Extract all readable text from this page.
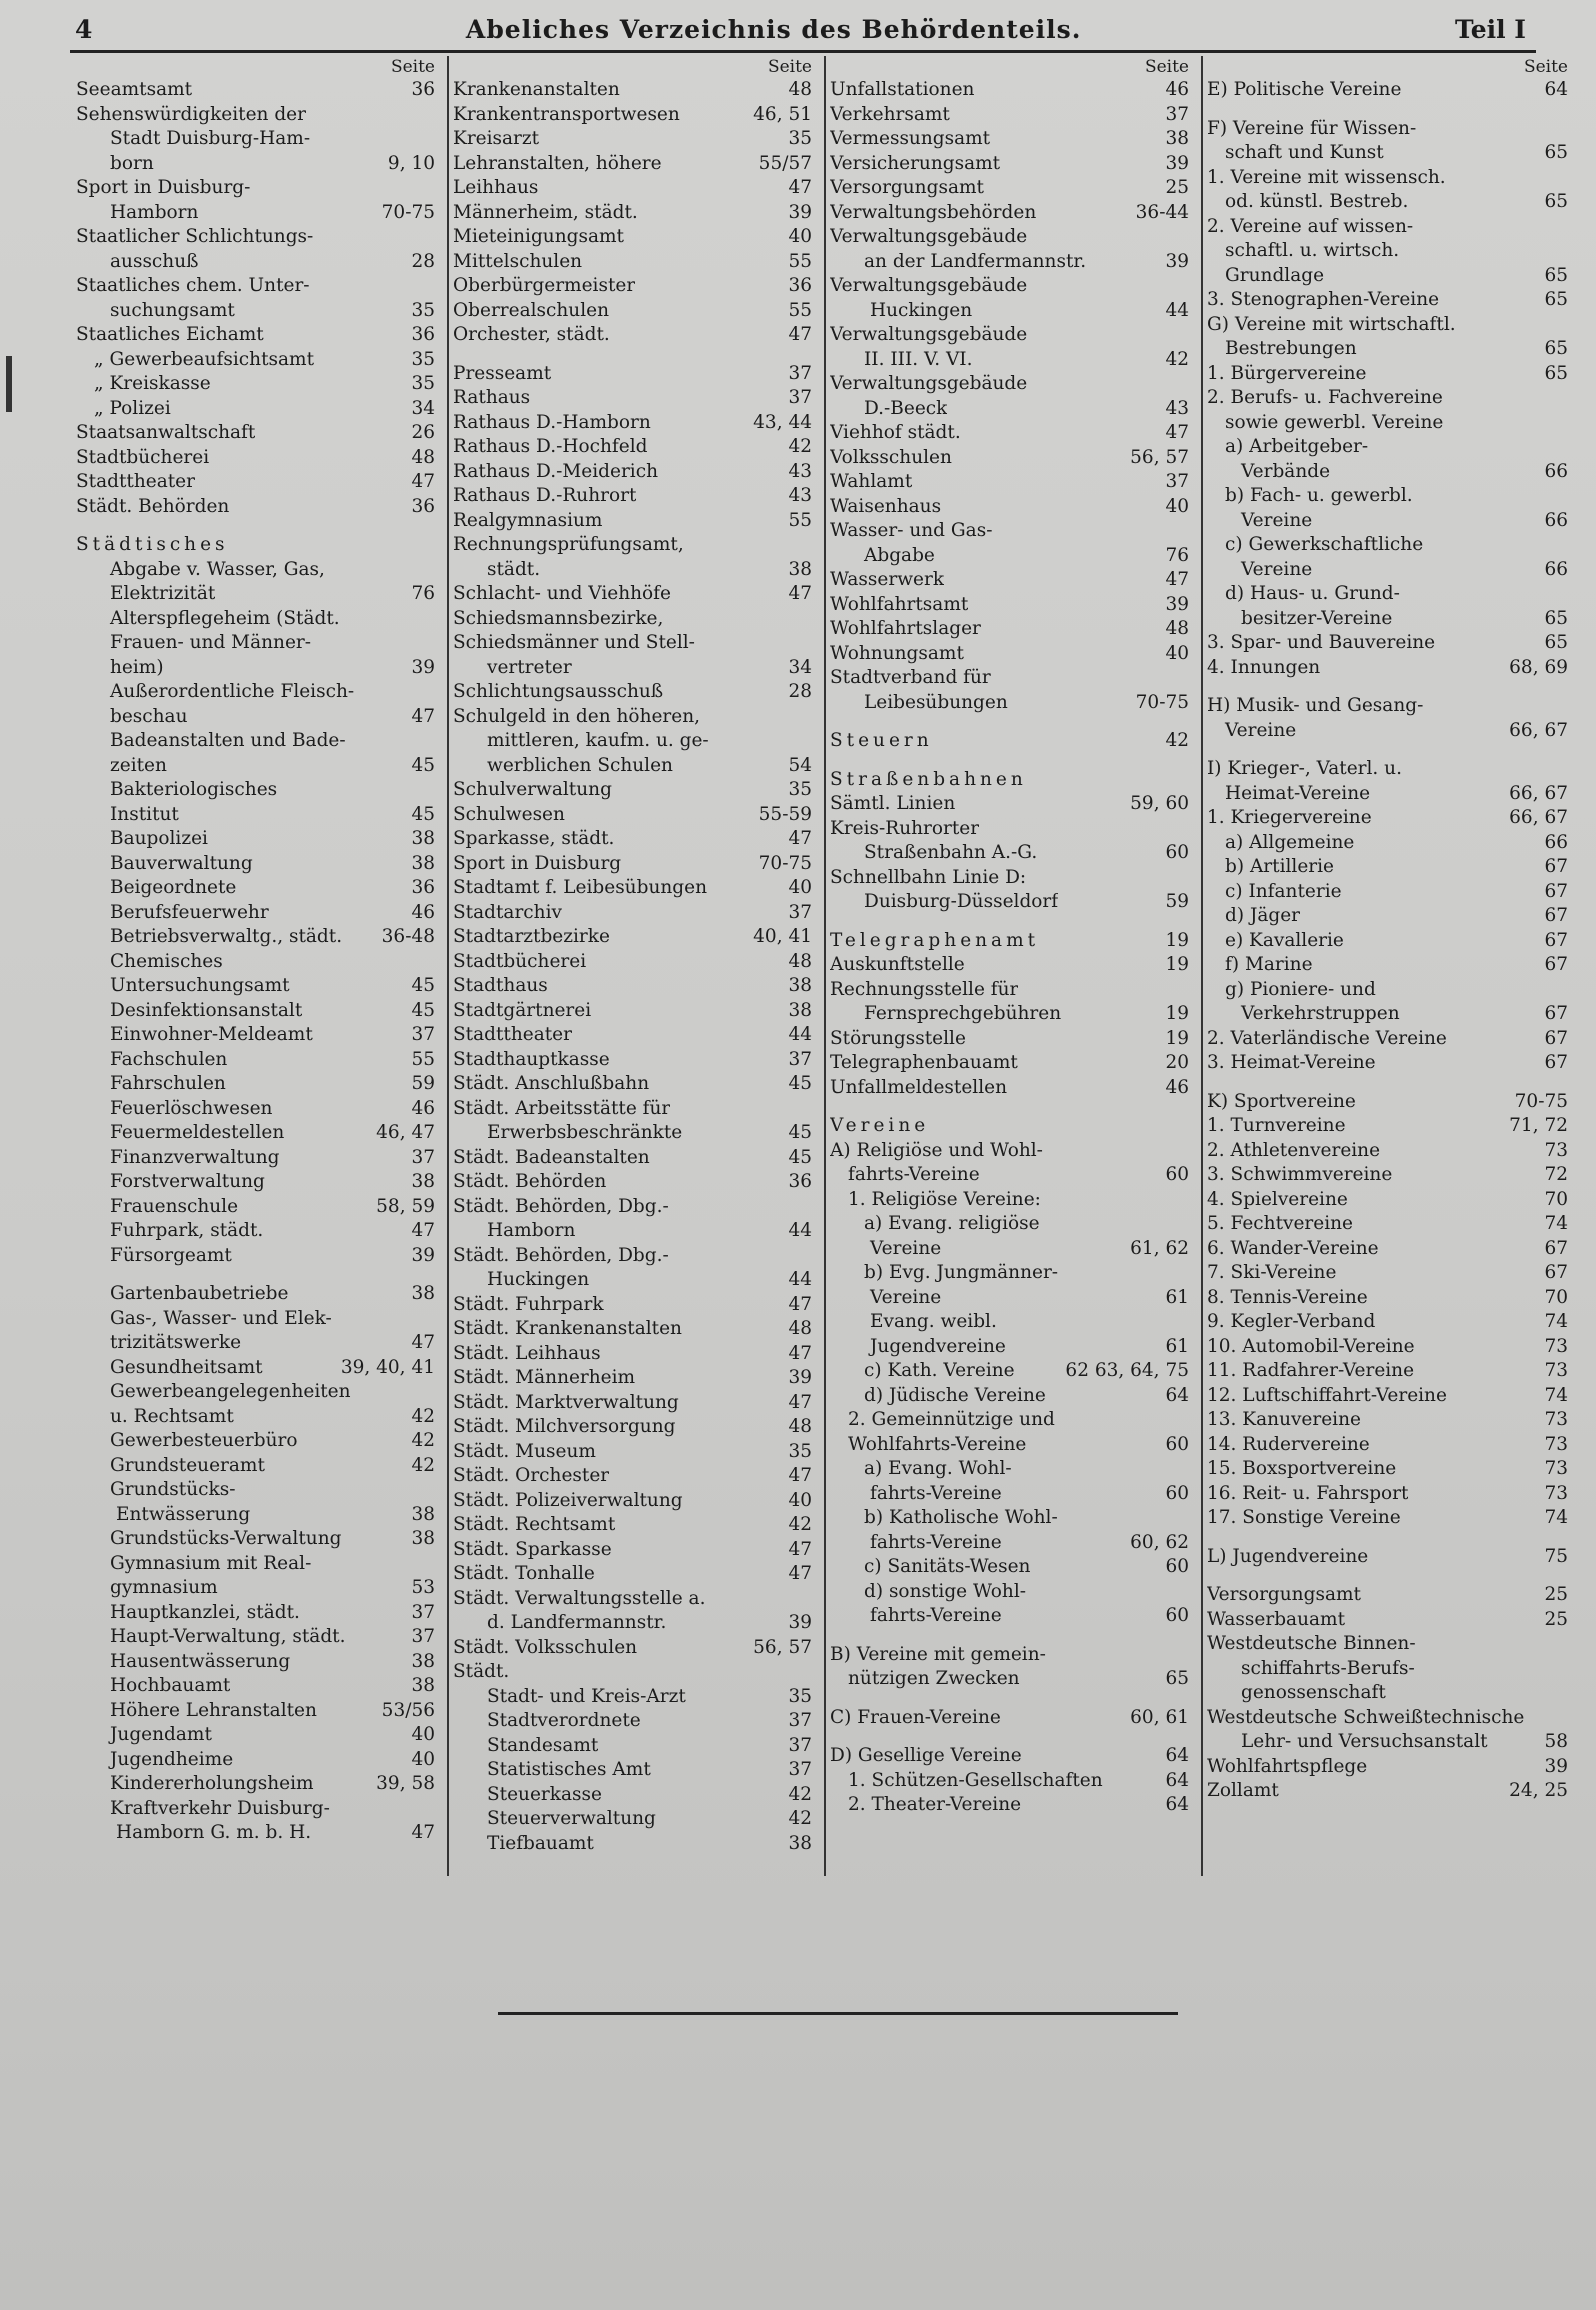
4	Abeliches Verzeichnis des Behördenteils.	Teil I
Seite
Seeamtsamt	36
Sehenswürdigkeiten der
Stadt Duisburg-Ham-
born	9, 10
Sport in Duisburg-
Hamborn	70-75
Staatlicher Schlichtungs-
ausschuß	28
Staatliches chem. Unter-
suchungsamt	35
Staatliches Eichamt	36
„ Gewerbeaufsichtsamt	35
„ Kreiskasse	35
„ Polizei	34
Staatsanwaltschaft	26
Stadtbücherei	48
Stadttheater	47
Städt. Behörden	36
Städtisches
Abgabe v. Wasser, Gas,
Elektrizität	76
Alterspflegeheim (Städt.
Frauen- und Männer-
heim)	39
Außerordentliche Fleisch-
beschau	47
Badeanstalten und Bade-
zeiten	45
Bakteriologisches
Institut	45
Baupolizei	38
Bauverwaltung	38
Beigeordnete	36
Berufsfeuerwehr	46
Betriebsverwaltg., städt. 36-48
Chemisches
Untersuchungsamt	45
Desinfektionsanstalt	45
Einwohner-Meldeamt	37
Fachschulen	55
Fahrschulen	59
Feuerlöschwesen	46
Feuermeldestellen	46, 47
Finanzverwaltung	37
Forstverwaltung	38
Frauenschule	58, 59
Fuhrpark, städt.	47
Fürsorgeamt	39
Gartenbaubetriebe	38
Gas-, Wasser- und Elek-
trizitätswerke	47
Gesundheitsamt	39, 40, 41
Gewerbeangelegenheiten
u. Rechtsamt	42
Gewerbesteuerbüro	42
Grundsteueramt	42
Grundstücks-
Entwässerung	38
Grundstücks-Verwaltung	38
Gymnasium mit Real-
gymnasium	53
Hauptkanzlei, städt.	37
Haupt-Verwaltung, städt.	37
Hausentwässerung	38
Hochbauamt	38
Höhere Lehranstalten	53/56
Jugendamt	40
Jugendheime	40
Kindererholungsheim	39, 58
Kraftverkehr Duisburg-
Hamborn G. m. b. H.	47
Seite
Krankenanstalten	48
Krankentransportwesen	46, 51
Kreisarzt	35
Lehranstalten, höhere	55/57
Leihhaus	47
Männerheim, städt.	39
Mieteinigungsamt	40
Mittelschulen	55
Oberbürgermeister	36
Oberrealschulen	55
Orchester, städt.	47
Presseamt	37
Rathaus	37
Rathaus D.-Hamborn	43, 44
Rathaus D.-Hochfeld	42
Rathaus D.-Meiderich	43
Rathaus D.-Ruhrort	43
Realgymnasium	55
Rechnungsprüfungsamt,
städt.	38
Schlacht- und Viehhöfe	47
Schiedsmannsbezirke,
Schiedsmänner und Stell-
vertreter	34
Schlichtungsausschuß	28
Schulgeld in den höheren,
mittleren, kaufm. u. ge-
werblichen Schulen	54
Schulverwaltung	35
Schulwesen	55-59
Sparkasse, städt.	47
Sport in Duisburg	70-75
Stadtamt f. Leibesübungen	40
Stadtarchiv	37
Stadtarztbezirke	40, 41
Stadtbücherei	48
Stadthaus	38
Stadtgärtnerei	38
Stadttheater	44
Stadthauptkasse	37
Städt. Anschlußbahn	45
Städt. Arbeitsstätte für
Erwerbsbeschränkte	45
Städt. Badeanstalten	45
Städt. Behörden	36
Städt. Behörden, Dbg.-
Hamborn	44
Städt. Behörden, Dbg.-
Huckingen	44
Städt. Fuhrpark	47
Städt. Krankenanstalten	48
Städt. Leihhaus	47
Städt. Männerheim	39
Städt. Marktverwaltung	47
Städt. Milchversorgung	48
Städt. Museum	35
Städt. Orchester	47
Städt. Polizeiverwaltung	40
Städt. Rechtsamt	42
Städt. Sparkasse	47
Städt. Tonhalle	47
Städt. Verwaltungsstelle a.
d. Landfermannstr.	39
Städt. Volksschulen	56, 57
Städt.
Stadt- und Kreis-Arzt	35
Stadtverordnete	37
Standesamt	37
Statistisches Amt	37
Steuerkasse	42
Steuerverwaltung	42
Tiefbauamt	38
Seite
Unfallstationen	46
Verkehrsamt	37
Vermessungsamt	38
Versicherungsamt	39
Versorgungsamt	25
Verwaltungsbehörden	36-44
Verwaltungsgebäude
an der Landfermannstr.	39
Verwaltungsgebäude
Huckingen	44
Verwaltungsgebäude
II. III. V. VI.	42
Verwaltungsgebäude
D.-Beeck	43
Viehhof städt.	47
Volksschulen	56, 57
Wahlamt	37
Waisenhaus	40
Wasser- und Gas-
Abgabe	76
Wasserwerk	47
Wohlfahrtsamt	39
Wohlfahrtslager	48
Wohnungsamt	40
Stadtverband für
Leibesübungen	70-75
Steuern	42
Straßenbahnen
Sämtl. Linien	59, 60
Kreis-Ruhrorter
Straßenbahn A.-G.	60
Schnellbahn Linie D:
Duisburg-Düsseldorf	59
Telegraphenamt	19
Auskunftstelle	19
Rechnungsstelle für
Fernsprechgebühren	19
Störungsstelle	19
Telegraphenbauamt	20
Unfallmeldestellen	46
Vereine
A) Religiöse und Wohl-
fahrts-Vereine	60
1. Religiöse Vereine:
a) Evang. religiöse
Vereine	61, 62
b) Evg. Jungmänner-
Vereine	61
Evang. weibl.
Jugendvereine	61
c) Kath. Vereine	62 63, 64, 75
d) Jüdische Vereine	64
2. Gemeinnützige und
Wohlfahrts-Vereine	60
a) Evang. Wohl-
fahrts-Vereine	60
b) Katholische Wohl-
fahrts-Vereine	60, 62
c) Sanitäts-Wesen	60
d) sonstige Wohl-
fahrts-Vereine	60
B) Vereine mit gemein-
nützigen Zwecken	65
C) Frauen-Vereine	60, 61
D) Gesellige Vereine	64
1. Schützen-Gesellschaften	64
2. Theater-Vereine	64
Seite
E) Politische Vereine	64
F) Vereine für Wissen-
schaft und Kunst	65
1. Vereine mit wissensch.
od. künstl. Bestreb.	65
2. Vereine auf wissen-
schaftl. u. wirtsch.
Grundlage	65
3. Stenographen-Vereine	65
G) Vereine mit wirtschaftl.
Bestrebungen	65
1. Bürgervereine	65
2. Berufs- u. Fachvereine
sowie gewerbl. Vereine
a) Arbeitgeber-
Verbände	66
b) Fach- u. gewerbl.
Vereine	66
c) Gewerkschaftliche
Vereine	66
d) Haus- u. Grund-
besitzer-Vereine	65
3. Spar- und Bauvereine	65
4. Innungen	68, 69
H) Musik- und Gesang-
Vereine	66, 67
I) Krieger-, Vaterl. u.
Heimat-Vereine	66, 67
1. Kriegervereine	66, 67
a) Allgemeine	66
b) Artillerie	67
c) Infanterie	67
d) Jäger	67
e) Kavallerie	67
f) Marine	67
g) Pioniere- und
Verkehrstruppen	67
2. Vaterländische Vereine	67
3. Heimat-Vereine	67
K) Sportvereine	70-75
1. Turnvereine	71, 72
2. Athletenvereine	73
3. Schwimmvereine	72
4. Spielvereine	70
5. Fechtvereine	74
6. Wander-Vereine	67
7. Ski-Vereine	67
8. Tennis-Vereine	70
9. Kegler-Verband	74
10. Automobil-Vereine	73
11. Radfahrer-Vereine	73
12. Luftschiffahrt-Vereine	74
13. Kanuvereine	73
14. Rudervereine	73
15. Boxsportvereine	73
16. Reit- u. Fahrsport	73
17. Sonstige Vereine	74
L) Jugendvereine	75
Versorgungsamt	25
Wasserbauamt	25
Westdeutsche Binnen-
schiffahrts-Berufs-
genossenschaft
Westdeutsche Schweißtechnische
Lehr- und Versuchsanstalt	58
Wohlfahrtspflege	39
Zollamt	24, 25
